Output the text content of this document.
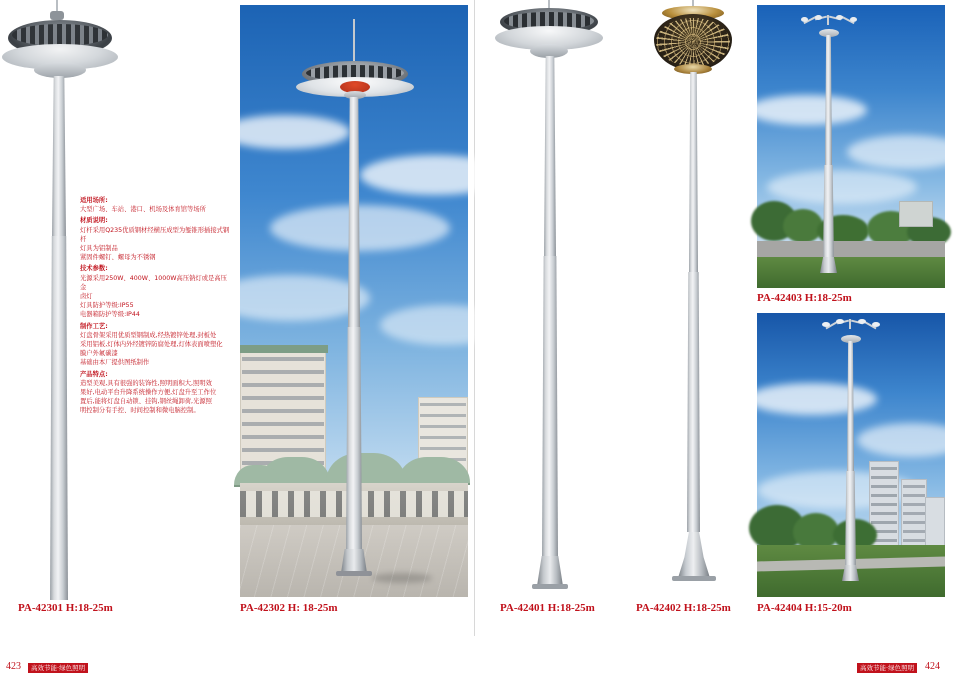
PA-42301 H:18-25m
适用场所:

大型广场、车站、港口、机场及体育馆等场所

材质说明:

灯杆采用Q235优质钢材经横压成型为錾锥形插接式钢杆

灯具为铝制品

紧固件螺钉、螺母为不锈钢

技术参数:

光源采用250W、400W、1000W高压钠灯或是高压金

卤灯

灯具防护等级:IP55

电器箱防护等级:IP44

制作工艺:

灯盘骨架采用优质型钢制成,经热镀锌处理,封板处

采用铝板,灯体内外经镀锌防腐处理,灯体表面喷塑化

膜户外氟碳漆

基础由本厂提供图纸制作

产品特点:

造型美观,具有很强的装饰性,照明面积大,照明效

果好,电动平台升降系统操作方便,灯盘升至工作位

置后,能将灯盘自动锁、挂钩,钢丝绳卸荷,光源照

明控制分有手控、时间控制和微电脑控制。

PA-42302 H: 18-25m	PA-42401 H:18-25m	PA-42402 H:18-25m
PA-42403 H:18-25m
PA-42404 H:15-20m
423	高效节能·绿色照明	高效节能·绿色照明	424
